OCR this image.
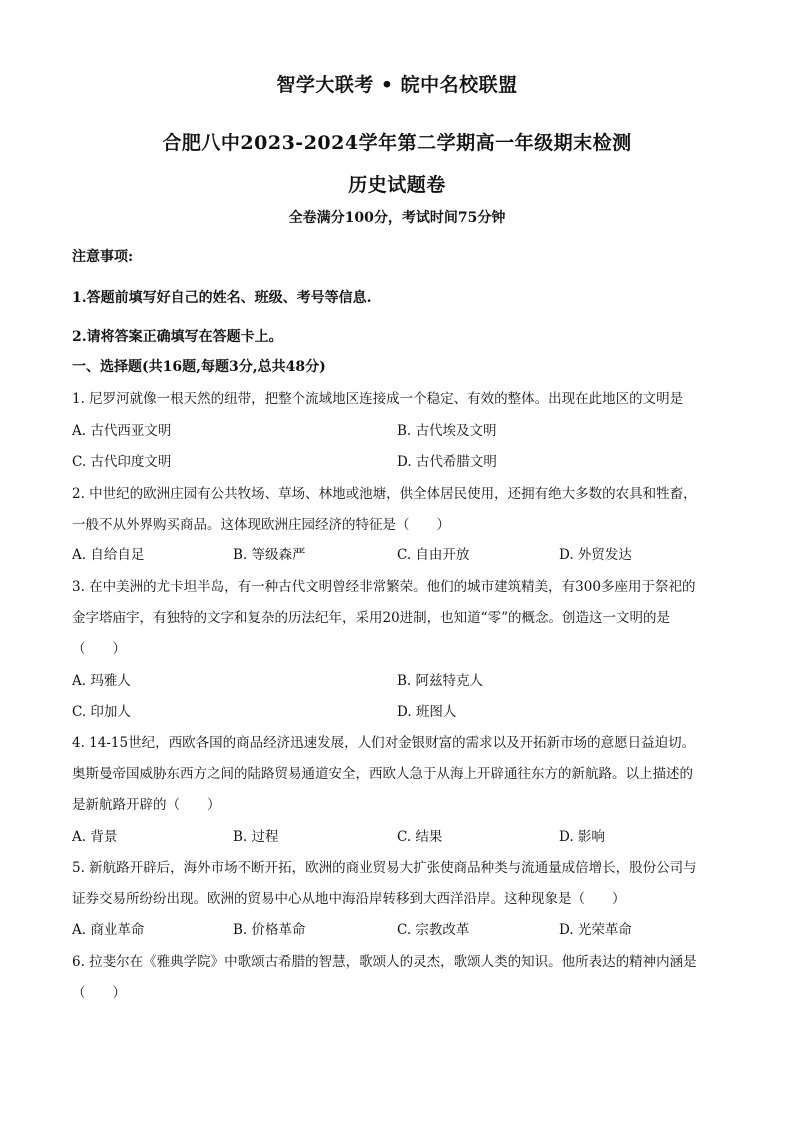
智学大联考 • 皖中名校联盟
合肥八中2023-2024学年第二学期高一年级期末检测
历史试题卷
全卷满分100分，考试时间75分钟
注意事项:
1.答题前填写好自己的姓名、班级、考号等信息.
2.请将答案正确填写在答题卡上。
一、选择题(共16题,每题3分,总共48分)
1. 尼罗河就像一根天然的纽带，把整个流域地区连接成一个稳定、有效的整体。出现在此地区的文明是
A. 古代西亚文明	B. 古代埃及文明
C. 古代印度文明	D. 古代希腊文明
2. 中世纪的欧洲庄园有公共牧场、草场、林地或池塘，供全体居民使用，还拥有绝大多数的农具和牲畜，
一般不从外界购买商品。这体现欧洲庄园经济的特征是（　　）
A. 自给自足	B. 等级森严	C. 自由开放	D. 外贸发达
3. 在中美洲的尤卡坦半岛，有一种古代文明曾经非常繁荣。他们的城市建筑精美，有300多座用于祭祀的
金字塔庙宇，有独特的文字和复杂的历法纪年，采用20进制，也知道“零”的概念。创造这一文明的是
（　　）
A. 玛雅人	B. 阿兹特克人
C. 印加人	D. 班图人
4. 14-15世纪，西欧各国的商品经济迅速发展，人们对金银财富的需求以及开拓新市场的意愿日益迫切。
奥斯曼帝国威胁东西方之间的陆路贸易通道安全，西欧人急于从海上开辟通往东方的新航路。以上描述的
是新航路开辟的（　　）
A. 背景	B. 过程	C. 结果	D. 影响
5. 新航路开辟后，海外市场不断开拓，欧洲的商业贸易大扩张使商品种类与流通量成倍增长，股份公司与
证券交易所纷纷出现。欧洲的贸易中心从地中海沿岸转移到大西洋沿岸。这种现象是（　　）
A. 商业革命	B. 价格革命	C. 宗教改革	D. 光荣革命
6. 拉斐尔在《雅典学院》中歌颂古希腊的智慧，歌颂人的灵杰，歌颂人类的知识。他所表达的精神内涵是
（　　）
